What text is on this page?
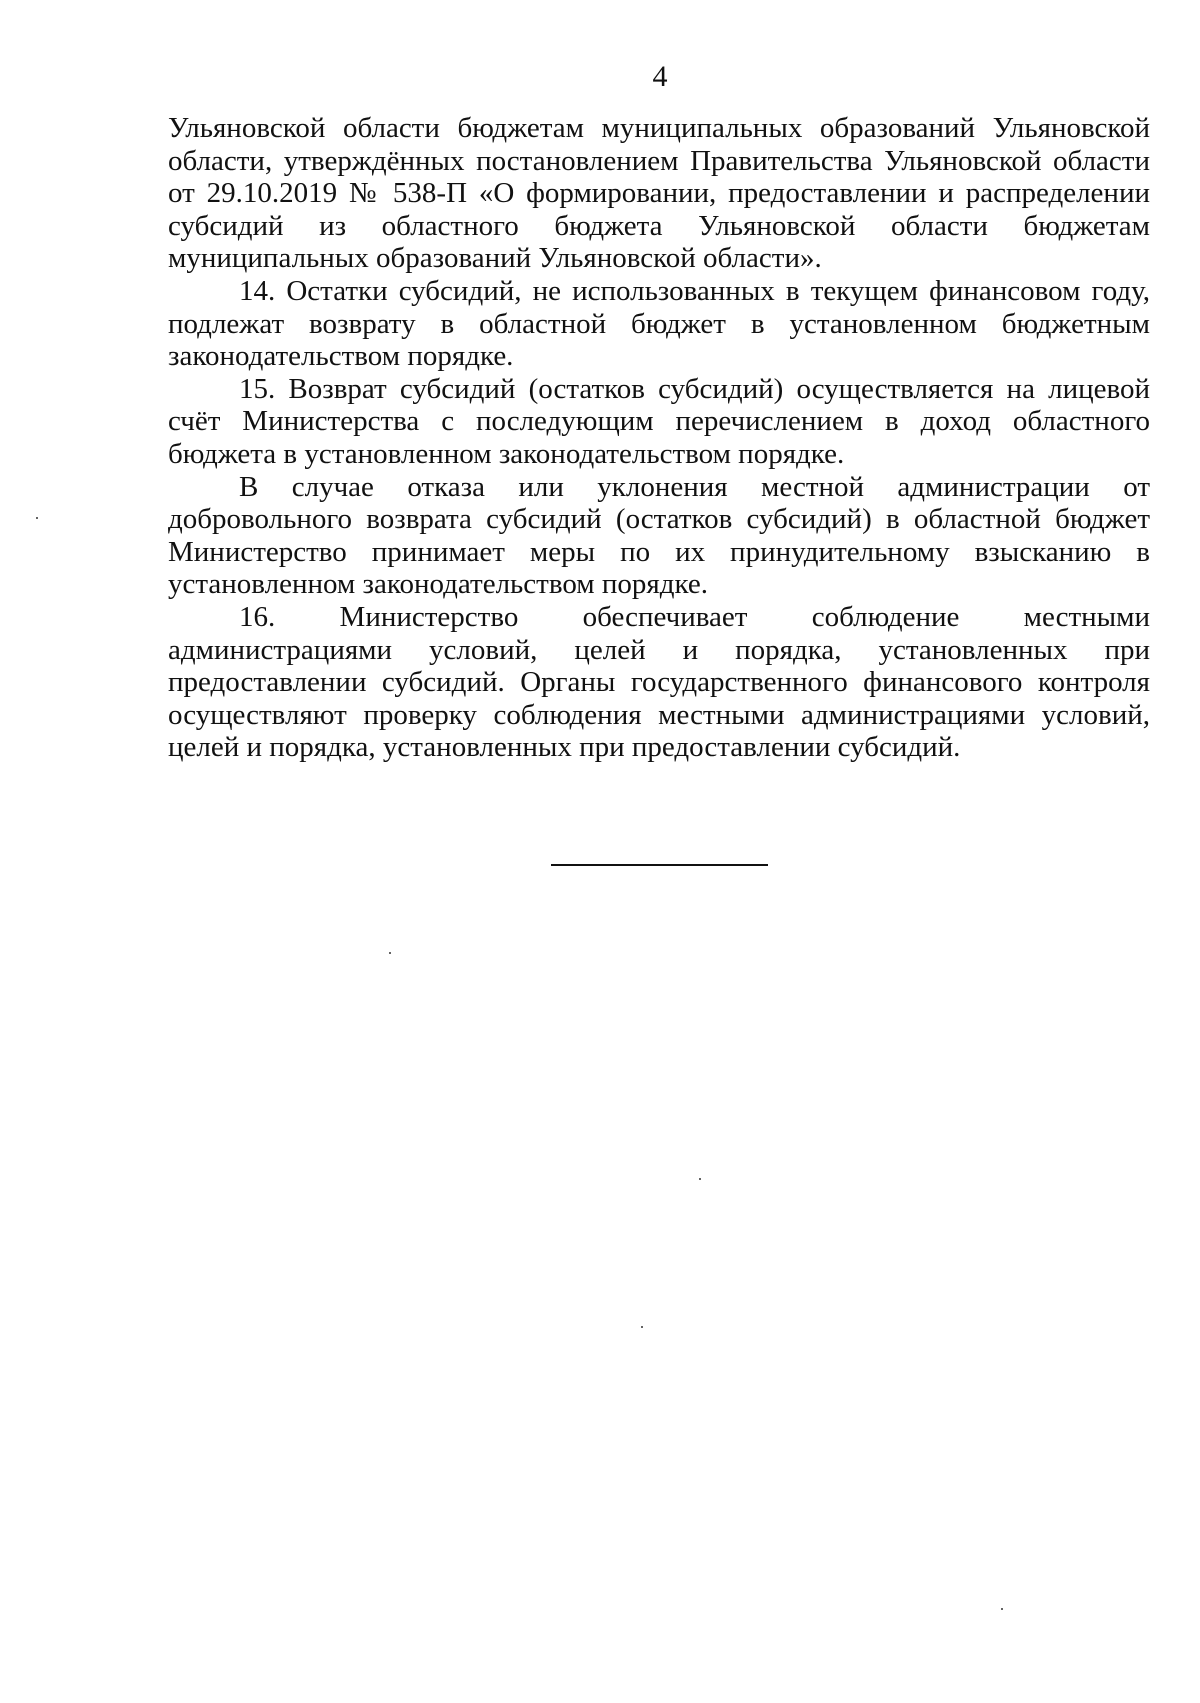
4

Ульяновской области бюджетам муниципальных образований Ульяновской области, утверждённых постановлением Правительства Ульяновской области от 29.10.2019 № 538-П «О формировании, предоставлении и распределении субсидий из областного бюджета Ульяновской области бюджетам муниципальных образований Ульяновской области».

14. Остатки субсидий, не использованных в текущем финансовом году, подлежат возврату в областной бюджет в установленном бюджетным законодательством порядке.

15. Возврат субсидий (остатков субсидий) осуществляется на лицевой счёт Министерства с последующим перечислением в доход областного бюджета в установленном законодательством порядке.

В случае отказа или уклонения местной администрации от добровольного возврата субсидий (остатков субсидий) в областной бюджет Министерство принимает меры по их принудительному взысканию в установленном законодательством порядке.

16. Министерство обеспечивает соблюдение местными администрациями условий, целей и порядка, установленных при предоставлении субсидий. Органы государственного финансового контроля осуществляют проверку соблюдения местными администрациями условий, целей и порядка, установленных при предоставлении субсидий.
